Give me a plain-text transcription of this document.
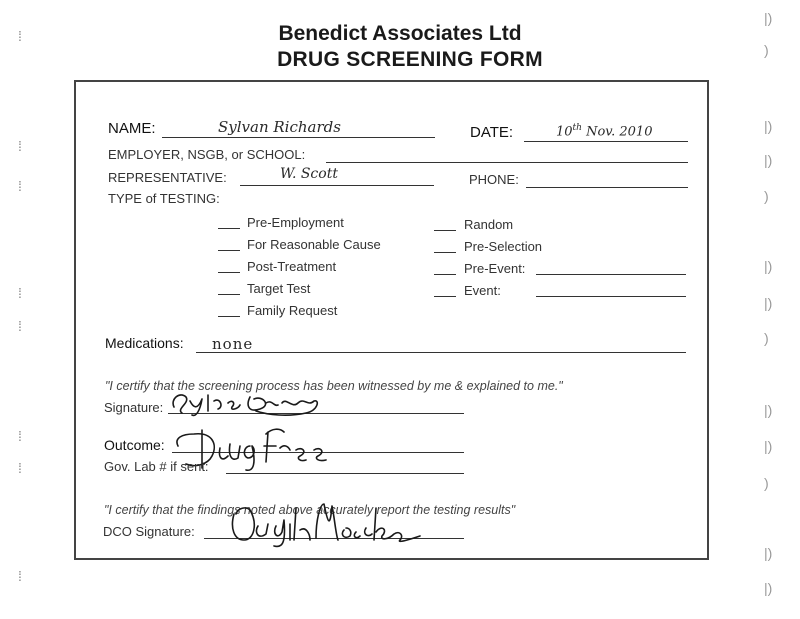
⁞
⁞
⁞
⁞
⁞
⁞
⁞
⁞
|)
)
|)
|)
)
|)
|)
)
|)
|)
)
|)
|)
Benedict Associates Ltd
DRUG SCREENING FORM
NAME:	Sylvan Richards	DATE:	10th Nov. 2010
EMPLOYER, NSGB, or SCHOOL:
REPRESENTATIVE:	W. Scott	PHONE:
TYPE of TESTING:
Pre-Employment
For Reasonable Cause
Post-Treatment
Target Test
Family Request
Random
Pre-Selection
Pre-Event:
Event:
Medications: none
"I certify that the screening process has been witnessed by me & explained to me."
Signature:
Outcome:
Gov. Lab # if sent:
"I certify that the findings noted above accurately report the testing results"
DCO Signature:
